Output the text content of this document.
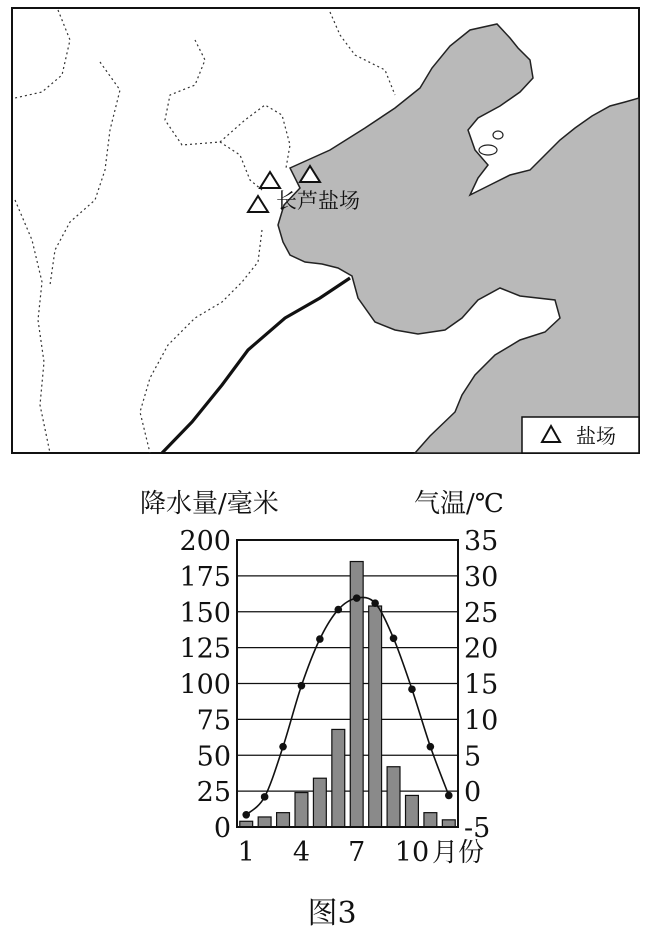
长芦盐场
盐场
降水量/毫米	气温/℃
200
175
150
125
100
75
50
25
0
35
30
25
20
15
10
5
0
-5
1 4 7 10 月份
图3
